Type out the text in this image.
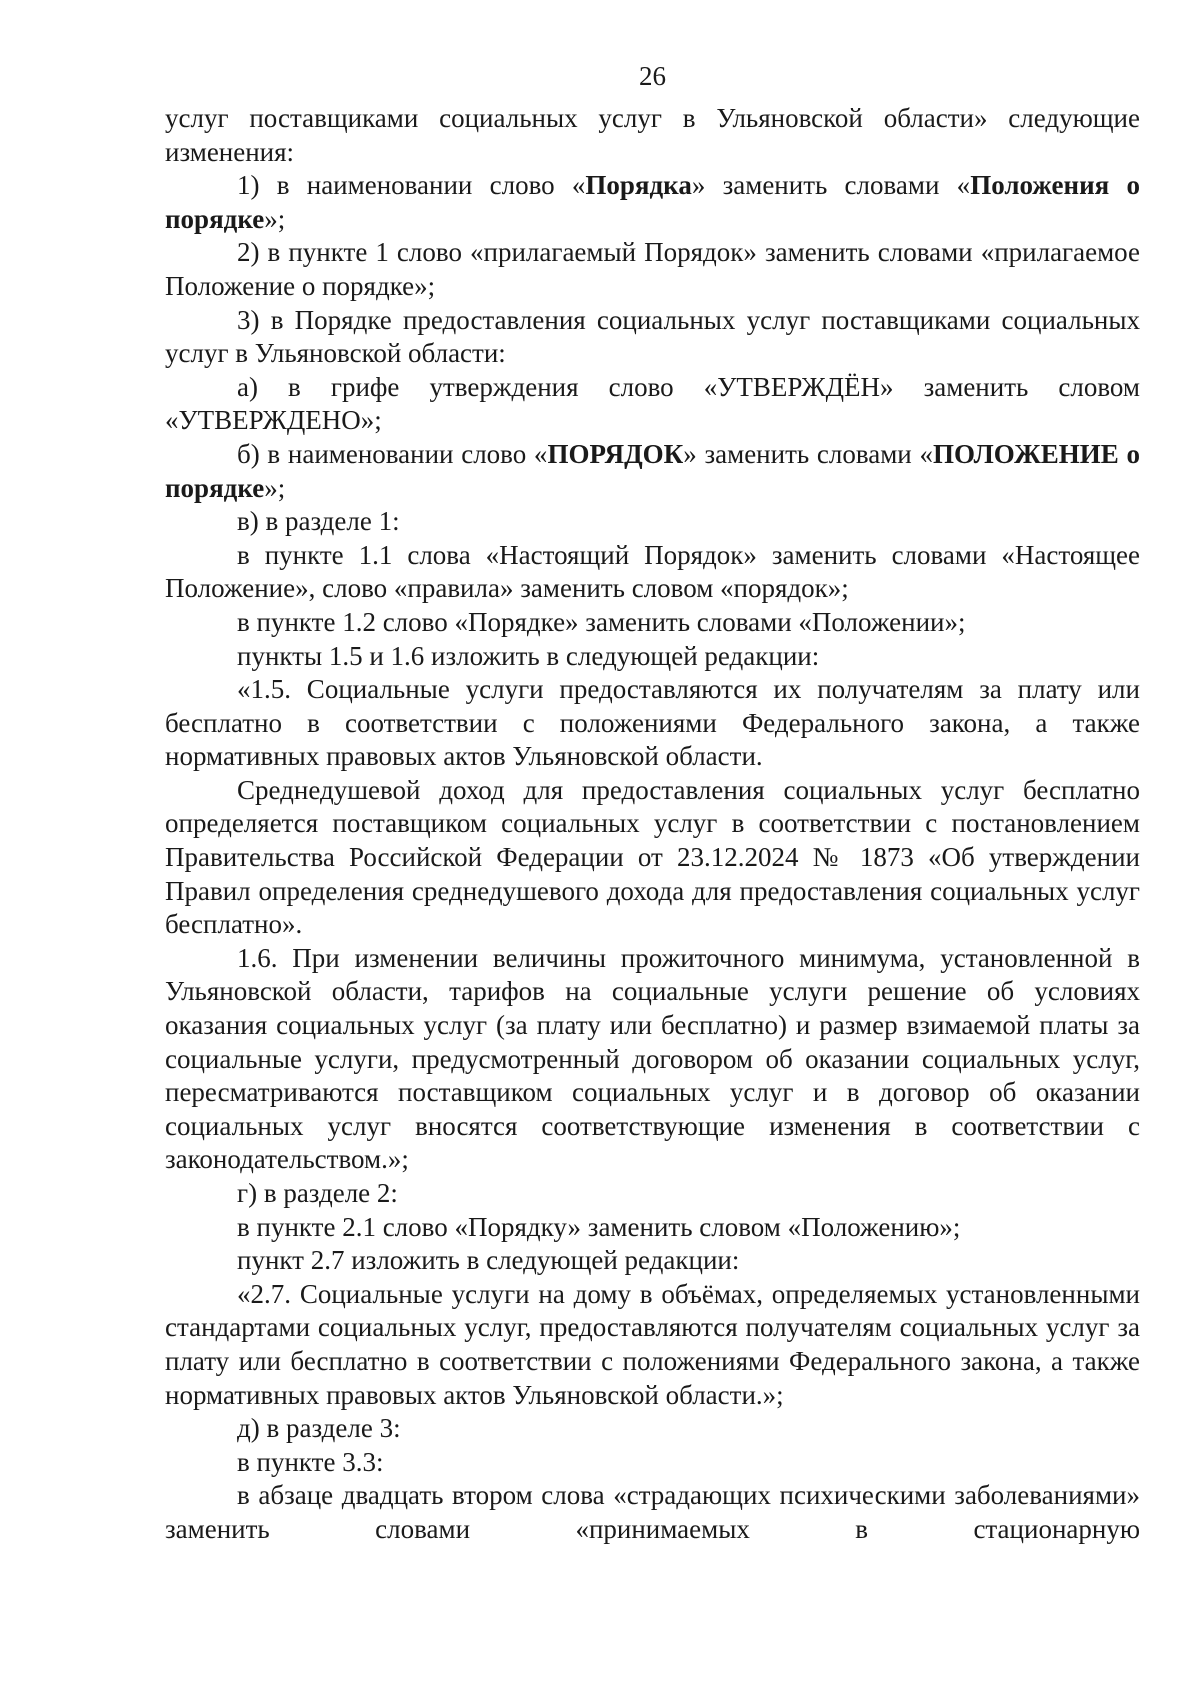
26

услуг поставщиками социальных услуг в Ульяновской области» следующие изменения:

1) в наименовании слово «Порядка» заменить словами «Положения о порядке»;

2) в пункте 1 слово «прилагаемый Порядок» заменить словами «прилагаемое Положение о порядке»;

3) в Порядке предоставления социальных услуг поставщиками социальных услуг в Ульяновской области:

а) в грифе утверждения слово «УТВЕРЖДЁН» заменить словом «УТВЕРЖДЕНО»;

б) в наименовании слово «ПОРЯДОК» заменить словами «ПОЛОЖЕНИЕ о порядке»;

в) в разделе 1:

в пункте 1.1 слова «Настоящий Порядок» заменить словами «Настоящее Положение», слово «правила» заменить словом «порядок»;

в пункте 1.2 слово «Порядке» заменить словами «Положении»;

пункты 1.5 и 1.6 изложить в следующей редакции:

«1.5. Социальные услуги предоставляются их получателям за плату или бесплатно в соответствии с положениями Федерального закона, а также нормативных правовых актов Ульяновской области.

Среднедушевой доход для предоставления социальных услуг бесплатно определяется поставщиком социальных услуг в соответствии с постановлением Правительства Российской Федерации от 23.12.2024 № 1873 «Об утверждении Правил определения среднедушевого дохода для предоставления социальных услуг бесплатно».

1.6. При изменении величины прожиточного минимума, установленной в Ульяновской области, тарифов на социальные услуги решение об условиях оказания социальных услуг (за плату или бесплатно) и размер взимаемой платы за социальные услуги, предусмотренный договором об оказании социальных услуг, пересматриваются поставщиком социальных услуг и в договор об оказании социальных услуг вносятся соответствующие изменения в соответствии с законодательством.»;

г) в разделе 2:

в пункте 2.1 слово «Порядку» заменить словом «Положению»;

пункт 2.7 изложить в следующей редакции:

«2.7. Социальные услуги на дому в объёмах, определяемых установленными стандартами социальных услуг, предоставляются получателям социальных услуг за плату или бесплатно в соответствии с положениями Федерального закона, а также нормативных правовых актов Ульяновской области.»;

д) в разделе 3:

в пункте 3.3:

в абзаце двадцать втором слова «страдающих психическими заболеваниями» заменить словами «принимаемых в стационарную
